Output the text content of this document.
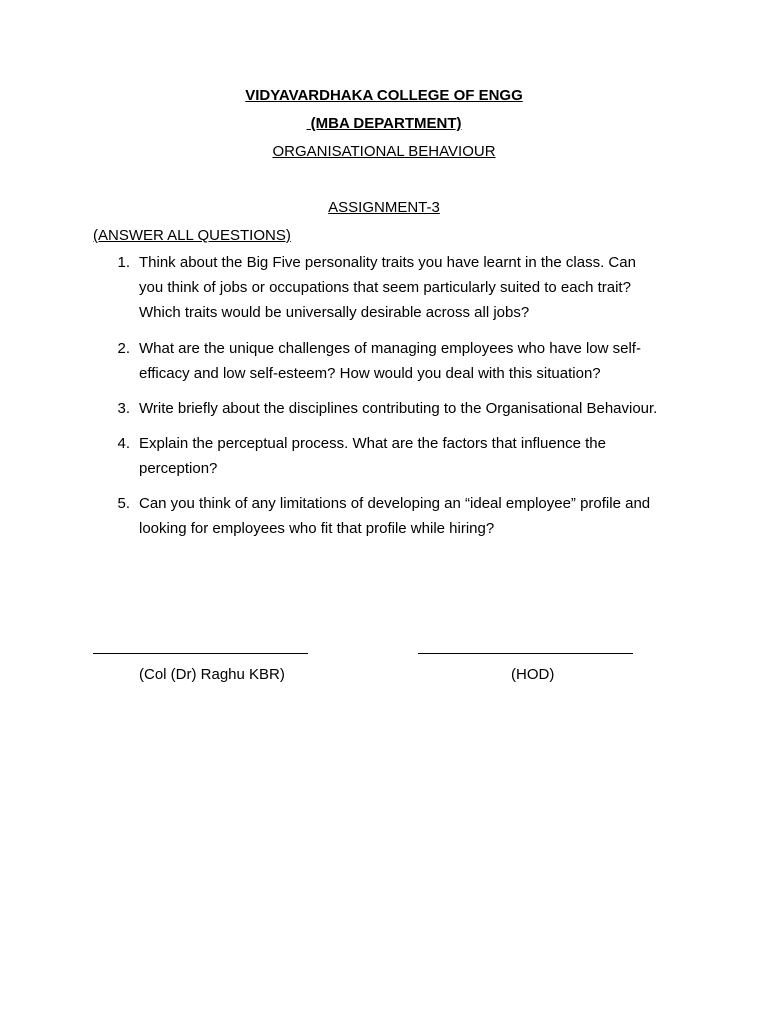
VIDYAVARDHAKA COLLEGE OF ENGG
(MBA DEPARTMENT)
ORGANISATIONAL BEHAVIOUR
ASSIGNMENT-3
(ANSWER ALL QUESTIONS)
1. Think about the Big Five personality traits you have learnt in the class. Can
you think of jobs or occupations that seem particularly suited to each trait?
Which traits would be universally desirable across all jobs?
2. What are the unique challenges of managing employees who have low self-
efficacy and low self-esteem? How would you deal with this situation?
3. Write briefly about the disciplines contributing to the Organisational Behaviour.
4. Explain the perceptual process. What are the factors that influence the
perception?
5. Can you think of any limitations of developing an “ideal employee” profile and
looking for employees who fit that profile while hiring?
(Col (Dr) Raghu KBR)	(HOD)
